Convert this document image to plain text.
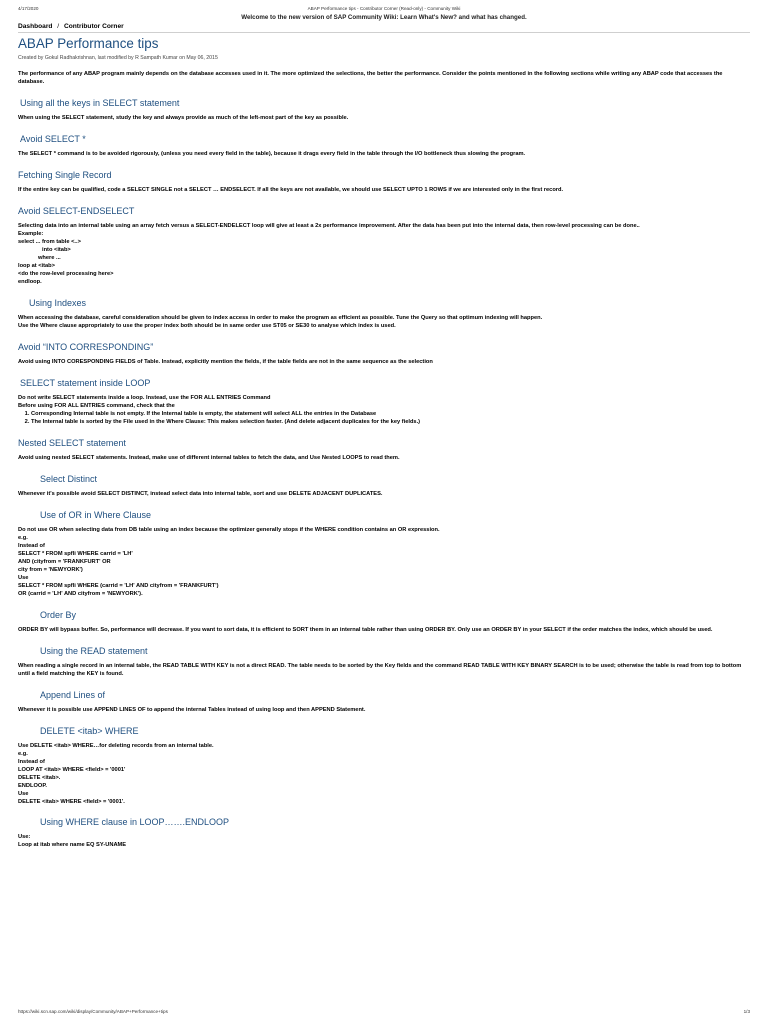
4/17/2020	ABAP Performance tips - Contributor Corner (Read-only) - Community Wiki
Welcome to the new version of SAP Community Wiki: Learn What's New? and what has changed.
Dashboard / Contributor Corner
ABAP Performance tips
Created by Gokul Radhakrishnan, last modified by R Sampath Kumar on May 06, 2015

The performance of any ABAP program mainly depends on the database accesses used in it. The more optimized the selections, the better the performance. Consider the points mentioned in the following sections while writing any ABAP code that accesses the database.

Using all the keys in SELECT statement

When using the SELECT statement, study the key and always provide as much of the left-most part of the key as possible.

Avoid SELECT *

The SELECT * command is to be avoided rigorously, (unless you need every field in the table), because it drags every field in the table through the I/O bottleneck thus slowing the program.

Fetching Single Record

If the entire key can be qualified, code a SELECT SINGLE not a SELECT … ENDSELECT. If all the keys are not available, we should use SELECT UPTO 1 ROWS if we are interested only in the first record.

Avoid SELECT-ENDSELECT

Selecting data into an internal table using an array fetch versus a SELECT-ENDELECT loop will give at least a 2x performance improvement. After the data has been put into the internal data, then row-level processing can be done..

Example:

select ... from table <..>

into <itab>

where ...

loop at <itab>

<do the row-level processing here>

endloop.

Using Indexes

When accessing the database, careful consideration should be given to index access in order to make the program as efficient as possible. Tune the Query so that optimum indexing will happen.

Use the Where clause appropriately to use the proper index both should be in same order use ST05 or SE30 to analyse which index is used.

Avoid “INTO CORRESPONDING”

Avoid using INTO CORESPONDING FIELDS of Table. Instead, explicitly mention the fields, if the table fields are not in the same sequence as the selection

SELECT statement inside LOOP

Do not write SELECT statements inside a loop. Instead, use the FOR ALL ENTRIES Command

Before using FOR ALL ENTRIES command, check that the

1. Corresponding Internal table is not empty. If the Internal table is empty, the statement will select ALL the entries in the Database
2. The Internal table is sorted by the File used in the Where Clause: This makes selection faster. (And delete adjacent duplicates for the key fields.)
Nested SELECT statement

Avoid using nested SELECT statements. Instead, make use of different internal tables to fetch the data, and Use Nested LOOPS to read them.

Select Distinct

Whenever it's possible avoid SELECT DISTINCT, instead select data into internal table, sort and use DELETE ADJACENT DUPLICATES.

Use of OR in Where Clause

Do not use OR when selecting data from DB table using an index because the optimizer generally stops if the WHERE condition contains an OR expression.

e.g.

Instead of

SELECT * FROM spfli WHERE carrid = 'LH'

AND (cityfrom = 'FRANKFURT' OR

city from = 'NEWYORK')

Use

SELECT * FROM spfli WHERE (carrid = 'LH' AND cityfrom = 'FRANKFURT')

OR (carrid = 'LH' AND cityfrom = 'NEWYORK').

Order By

ORDER BY will bypass buffer. So, performance will decrease. If you want to sort data, it is efficient to SORT them in an internal table rather than using ORDER BY. Only use an ORDER BY in your SELECT if the order matches the index, which should be used.

Using the READ statement

When reading a single record in an internal table, the READ TABLE WITH KEY is not a direct READ. The table needs to be sorted by the Key fields and the command READ TABLE WITH KEY BINARY SEARCH is to be used; otherwise the table is read from top to bottom until a field matching the KEY is found.

Append Lines of

Whenever it is possible use APPEND LINES OF to append the internal Tables instead of using loop and then APPEND Statement.

DELETE <itab> WHERE

Use DELETE <itab> WHERE…for deleting records from an internal table.

e.g.

Instead of

LOOP AT <itab> WHERE <field> = '0001'

DELETE <itab>.

ENDLOOP.

Use

DELETE <itab> WHERE <field> = '0001'.

Using WHERE clause in LOOP…….ENDLOOP

Use:

Loop at itab where name EQ SY-UNAME

https://wiki.scn.sap.com/wiki/display/Community/ABAP+Performance+tips	1/3
